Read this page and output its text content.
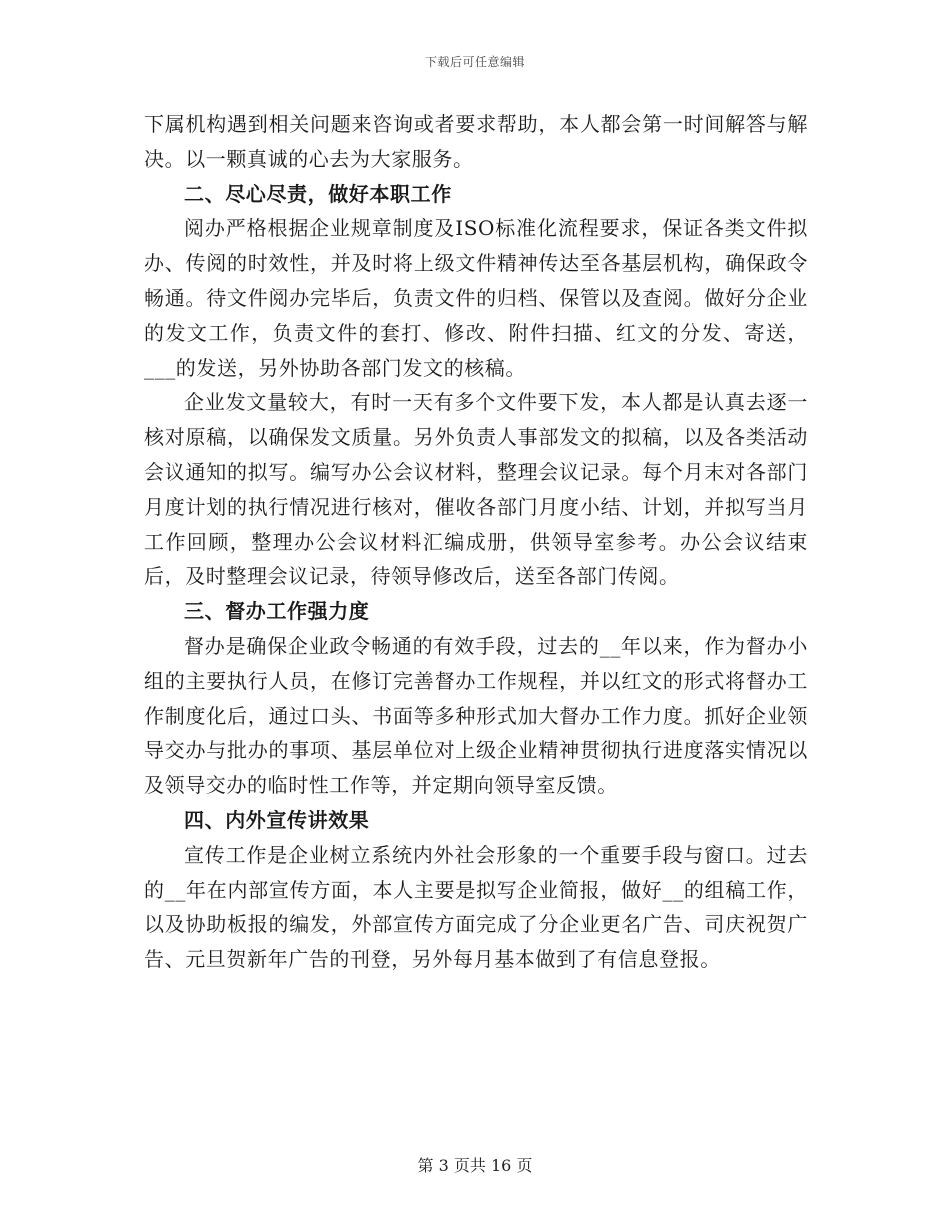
下载后可任意编辑

下属机构遇到相关问题来咨询或者要求帮助，本人都会第一时间解答与解决。以一颗真诚的心去为大家服务。

二、尽心尽责，做好本职工作

阅办严格根据企业规章制度及ISO标准化流程要求，保证各类文件拟办、传阅的时效性，并及时将上级文件精神传达至各基层机构，确保政令畅通。待文件阅办完毕后，负责文件的归档、保管以及查阅。做好分企业的发文工作，负责文件的套打、修改、附件扫描、红文的分发、寄送，___的发送，另外协助各部门发文的核稿。

企业发文量较大，有时一天有多个文件要下发，本人都是认真去逐一核对原稿，以确保发文质量。另外负责人事部发文的拟稿，以及各类活动会议通知的拟写。编写办公会议材料，整理会议记录。每个月末对各部门月度计划的执行情况进行核对，催收各部门月度小结、计划，并拟写当月工作回顾，整理办公会议材料汇编成册，供领导室参考。办公会议结束后，及时整理会议记录，待领导修改后，送至各部门传阅。

三、督办工作强力度

督办是确保企业政令畅通的有效手段，过去的__年以来，作为督办小组的主要执行人员，在修订完善督办工作规程，并以红文的形式将督办工作制度化后，通过口头、书面等多种形式加大督办工作力度。抓好企业领导交办与批办的事项、基层单位对上级企业精神贯彻执行进度落实情况以及领导交办的临时性工作等，并定期向领导室反馈。

四、内外宣传讲效果

宣传工作是企业树立系统内外社会形象的一个重要手段与窗口。过去的__年在内部宣传方面，本人主要是拟写企业简报，做好__的组稿工作，以及协助板报的编发，外部宣传方面完成了分企业更名广告、司庆祝贺广告、元旦贺新年广告的刊登，另外每月基本做到了有信息登报。

第 3 页共 16 页
